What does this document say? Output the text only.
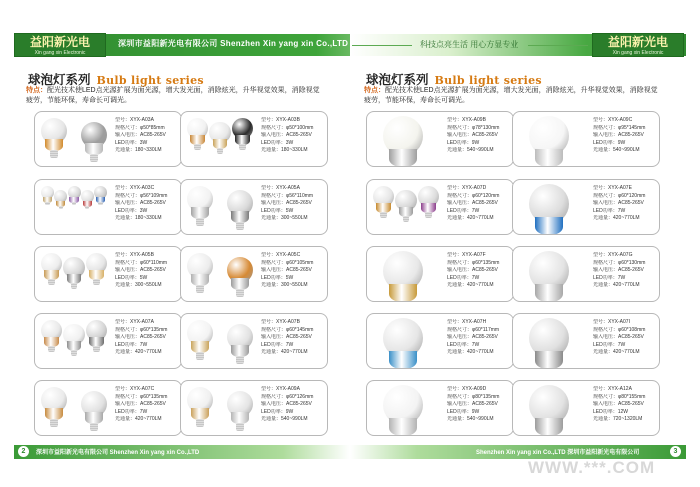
益阳新光电
Xin gang xin Electronic
深圳市益阳新光电有限公司 Shenzhen Xin yang xin Co.,LTD	科技点亮生活 用心方显专业	益阳新光电
Xin gang xin Electronic
球泡灯系列 Bulb light series
特点：配光技术使LED点光源扩展为面光源，增大发光面，消除炫光，升华视觉效果，消除视觉疲劳，节能环保，寿命长可调光。
球泡灯系列 Bulb light series
特点：配光技术使LED点光源扩展为面光源，增大发光面，消除炫光，升华视觉效果，消除视觉疲劳，节能环保，寿命长可调光。
型号：XYX-A03A
规格尺寸：φ50*85mm
输入电压：AC85-265V
LED功率：3W
光通量：180~330LM
型号：XYX-A03B
规格尺寸：φ50*100mm
输入电压：AC85-265V
LED功率：3W
光通量：180~330LM
型号：XYX-A03C
规格尺寸：φ56*109mm
输入电压：AC85-265V
LED功率：3W
光通量：180~330LM
型号：XYX-A05A
规格尺寸：φ56*110mm
输入电压：AC85-265V
LED功率：5W
光通量：300~550LM
型号：XYX-A05B
规格尺寸：φ60*110mm
输入电压：AC85-265V
LED功率：5W
光通量：300~550LM
型号：XYX-A05C
规格尺寸：φ60*105mm
输入电压：AC85-265V
LED功率：5W
光通量：300~550LM
型号：XYX-A07A
规格尺寸：φ60*135mm
输入电压：AC85-265V
LED功率：7W
光通量：420~770LM
型号：XYX-A07B
规格尺寸：φ60*145mm
输入电压：AC85-265V
LED功率：7W
光通量：420~770LM
型号：XYX-A07C
规格尺寸：φ60*135mm
输入电压：AC85-265V
LED功率：7W
光通量：420~770LM
型号：XYX-A09A
规格尺寸：φ60*126mm
输入电压：AC85-265V
LED功率：9W
光通量：540~990LM
型号：XYX-A09B
规格尺寸：φ78*130mm
输入电压：AC85-265V
LED功率：9W
光通量：540~990LM
型号：XYX-A09C
规格尺寸：φ95*145mm
输入电压：AC85-265V
LED功率：9W
光通量：540~990LM
型号：XYX-A07D
规格尺寸：φ60*120mm
输入电压：AC85-265V
LED功率：7W
光通量：420~770LM
型号：XYX-A07E
规格尺寸：φ60*120mm
输入电压：AC85-265V
LED功率：7W
光通量：420~770LM
型号：XYX-A07F
规格尺寸：φ60*135mm
输入电压：AC85-265V
LED功率：7W
光通量：420~770LM
型号：XYX-A07G
规格尺寸：φ60*130mm
输入电压：AC85-265V
LED功率：7W
光通量：420~770LM
型号：XYX-A07H
规格尺寸：φ60*117mm
输入电压：AC85-265V
LED功率：7W
光通量：420~770LM
型号：XYX-A07I
规格尺寸：φ60*108mm
输入电压：AC85-265V
LED功率：7W
光通量：420~770LM
型号：XYX-A09D
规格尺寸：φ80*135mm
输入电压：AC85-265V
LED功率：9W
光通量：540~990LM
型号：XYX-A12A
规格尺寸：φ80*155mm
输入电压：AC85-265V
LED功率：12W
光通量：720~1320LM
2	深圳市益阳新光电有限公司 Shenzhen Xin yang xin Co.,LTD	Shenzhen Xin yang xin Co.,LTD 深圳市益阳新光电有限公司	3
WWW.***.COM
